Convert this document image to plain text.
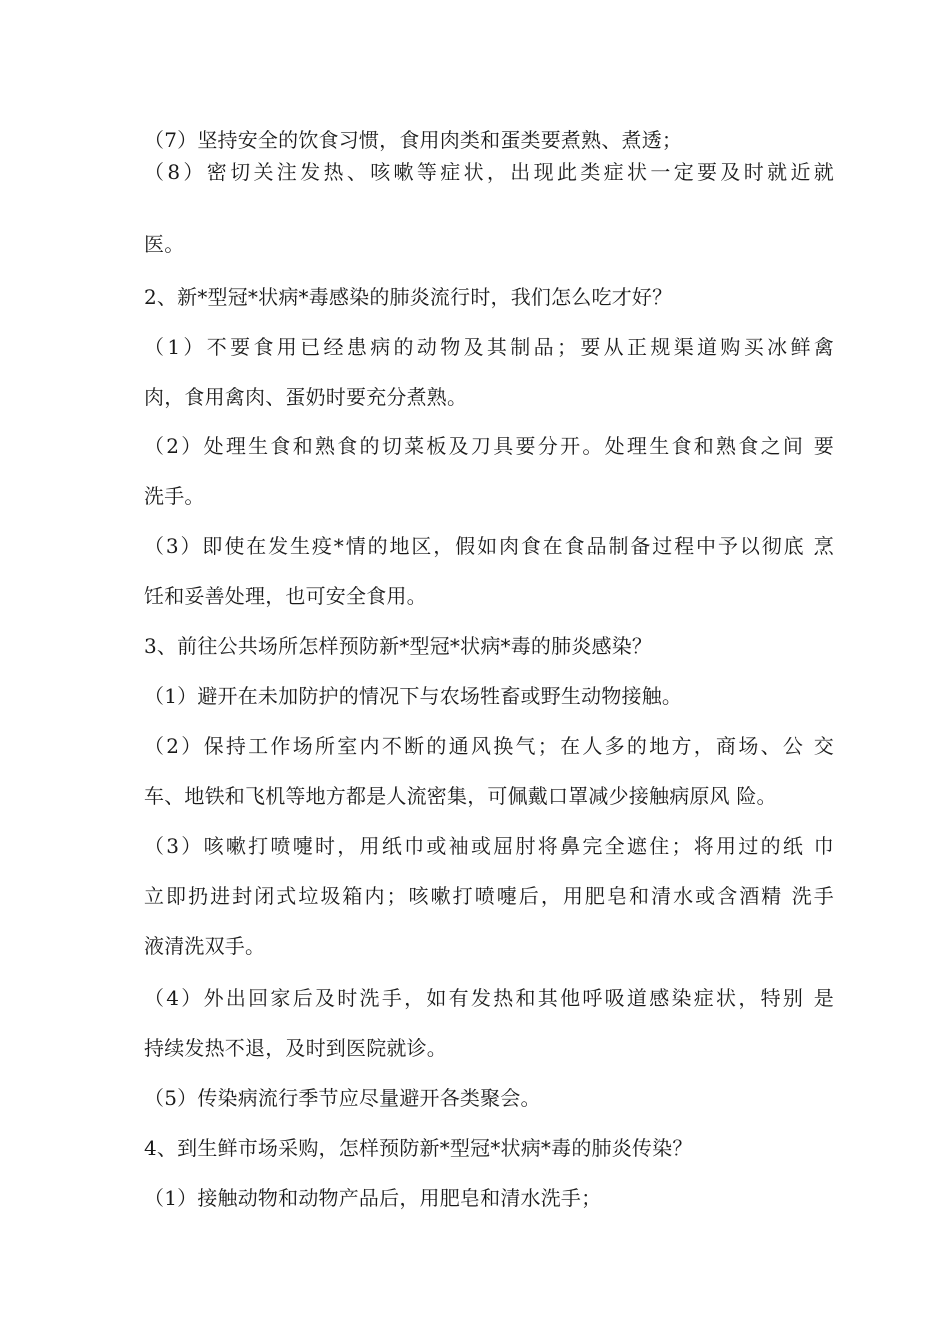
（7）坚持安全的饮食习惯，食用肉类和蛋类要煮熟、煮透；
（8）密切关注发热、咳嗽等症状，出现此类症状一定要及时就近就
医。
2、新*型冠*状病*毒感染的肺炎流行时，我们怎么吃才好？
（1）不要食用已经患病的动物及其制品；要从正规渠道购买冰鲜禽
肉，食用禽肉、蛋奶时要充分煮熟。
（2）处理生食和熟食的切菜板及刀具要分开。处理生食和熟食之间 要
洗手。
（3）即使在发生疫*情的地区，假如肉食在食品制备过程中予以彻底 烹
饪和妥善处理，也可安全食用。
3、前往公共场所怎样预防新*型冠*状病*毒的肺炎感染？
（1）避开在未加防护的情况下与农场牲畜或野生动物接触。
（2）保持工作场所室内不断的通风换气；在人多的地方，商场、公 交
车、地铁和飞机等地方都是人流密集，可佩戴口罩减少接触病原风 险。
（3）咳嗽打喷嚏时，用纸巾或袖或屈肘将鼻完全遮住；将用过的纸 巾
立即扔进封闭式垃圾箱内；咳嗽打喷嚏后，用肥皂和清水或含酒精 洗手
液清洗双手。
（4）外出回家后及时洗手，如有发热和其他呼吸道感染症状，特别 是
持续发热不退，及时到医院就诊。
（5）传染病流行季节应尽量避开各类聚会。
4、到生鲜市场采购，怎样预防新*型冠*状病*毒的肺炎传染？
（1）接触动物和动物产品后，用肥皂和清水洗手；
